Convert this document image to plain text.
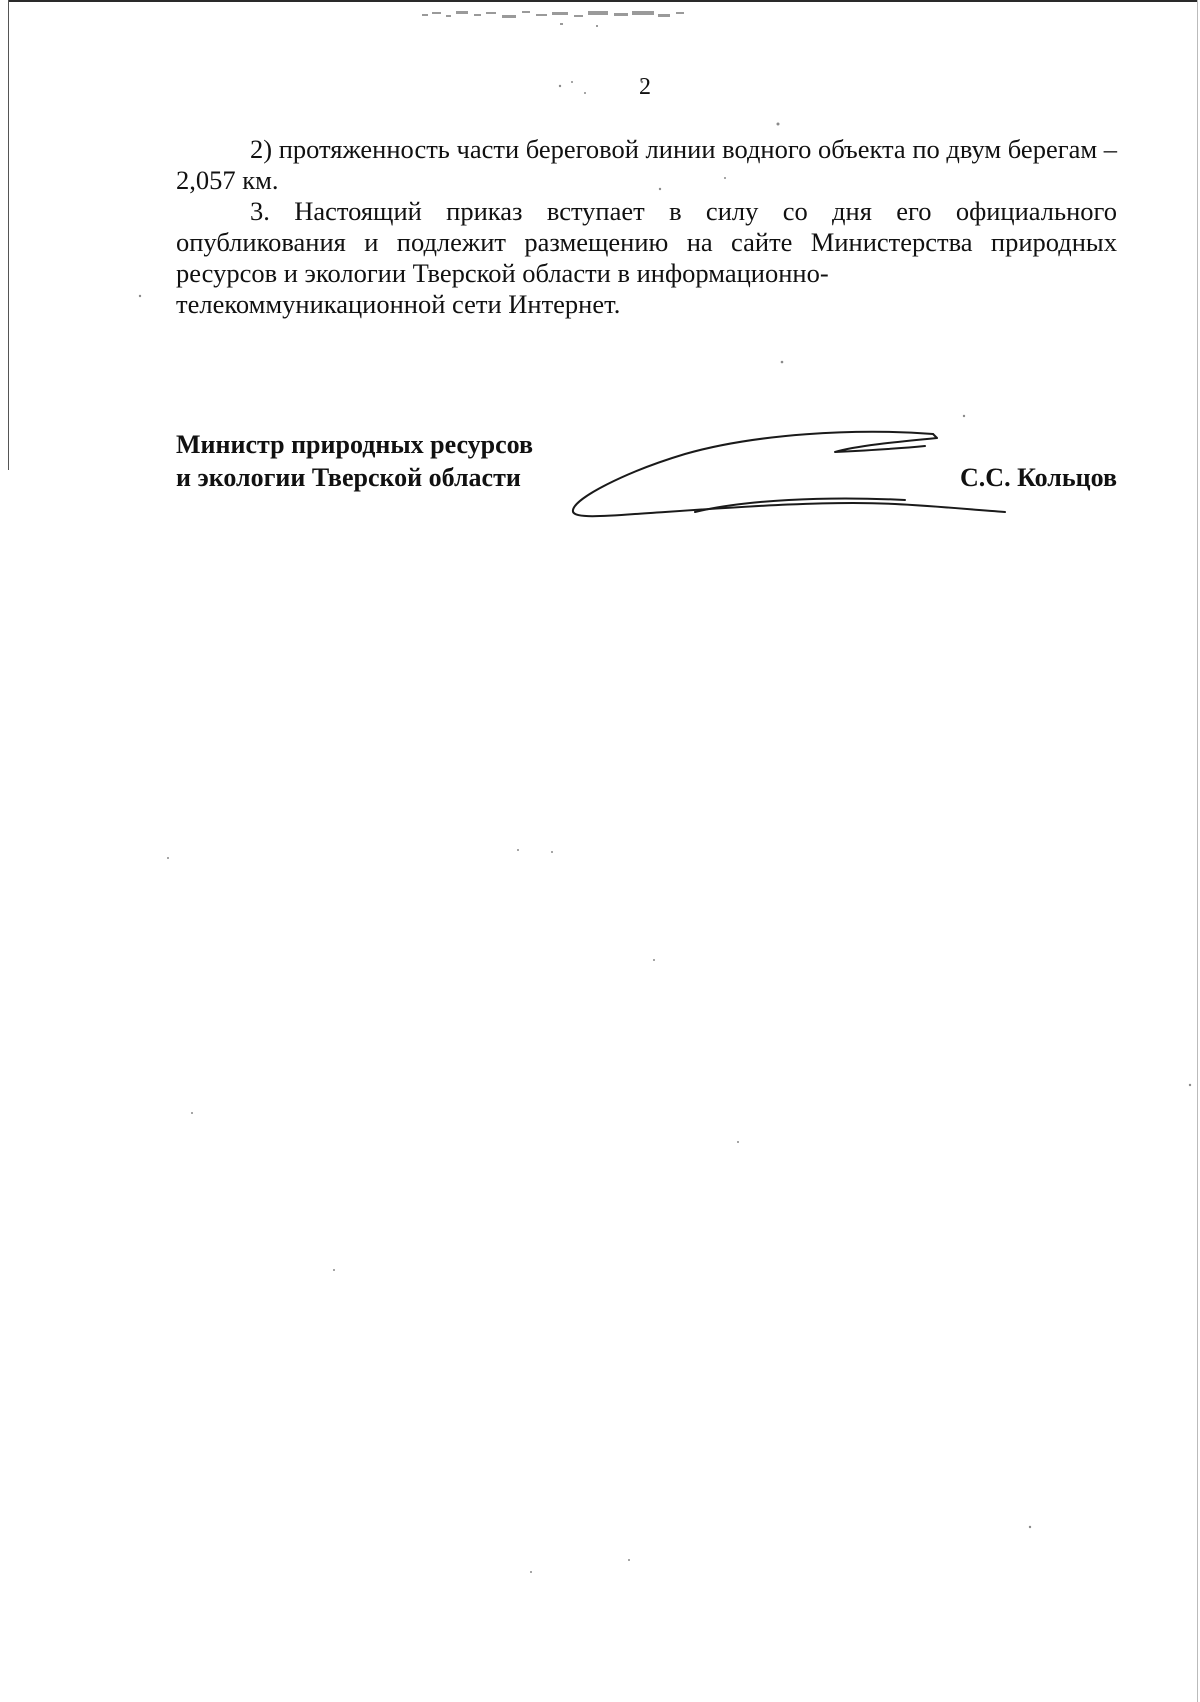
2

2) протяженность части береговой линии водного объекта по двум берегам – 2,057 км.

3. Настоящий приказ вступает в силу со дня его официального опубликования и подлежит размещению на сайте Министерства природных ресурсов и экологии Тверской области в информационно-

телекоммуникационной сети Интернет.

Министр природных ресурсов
и экологии Тверской области	С.С. Кольцов
